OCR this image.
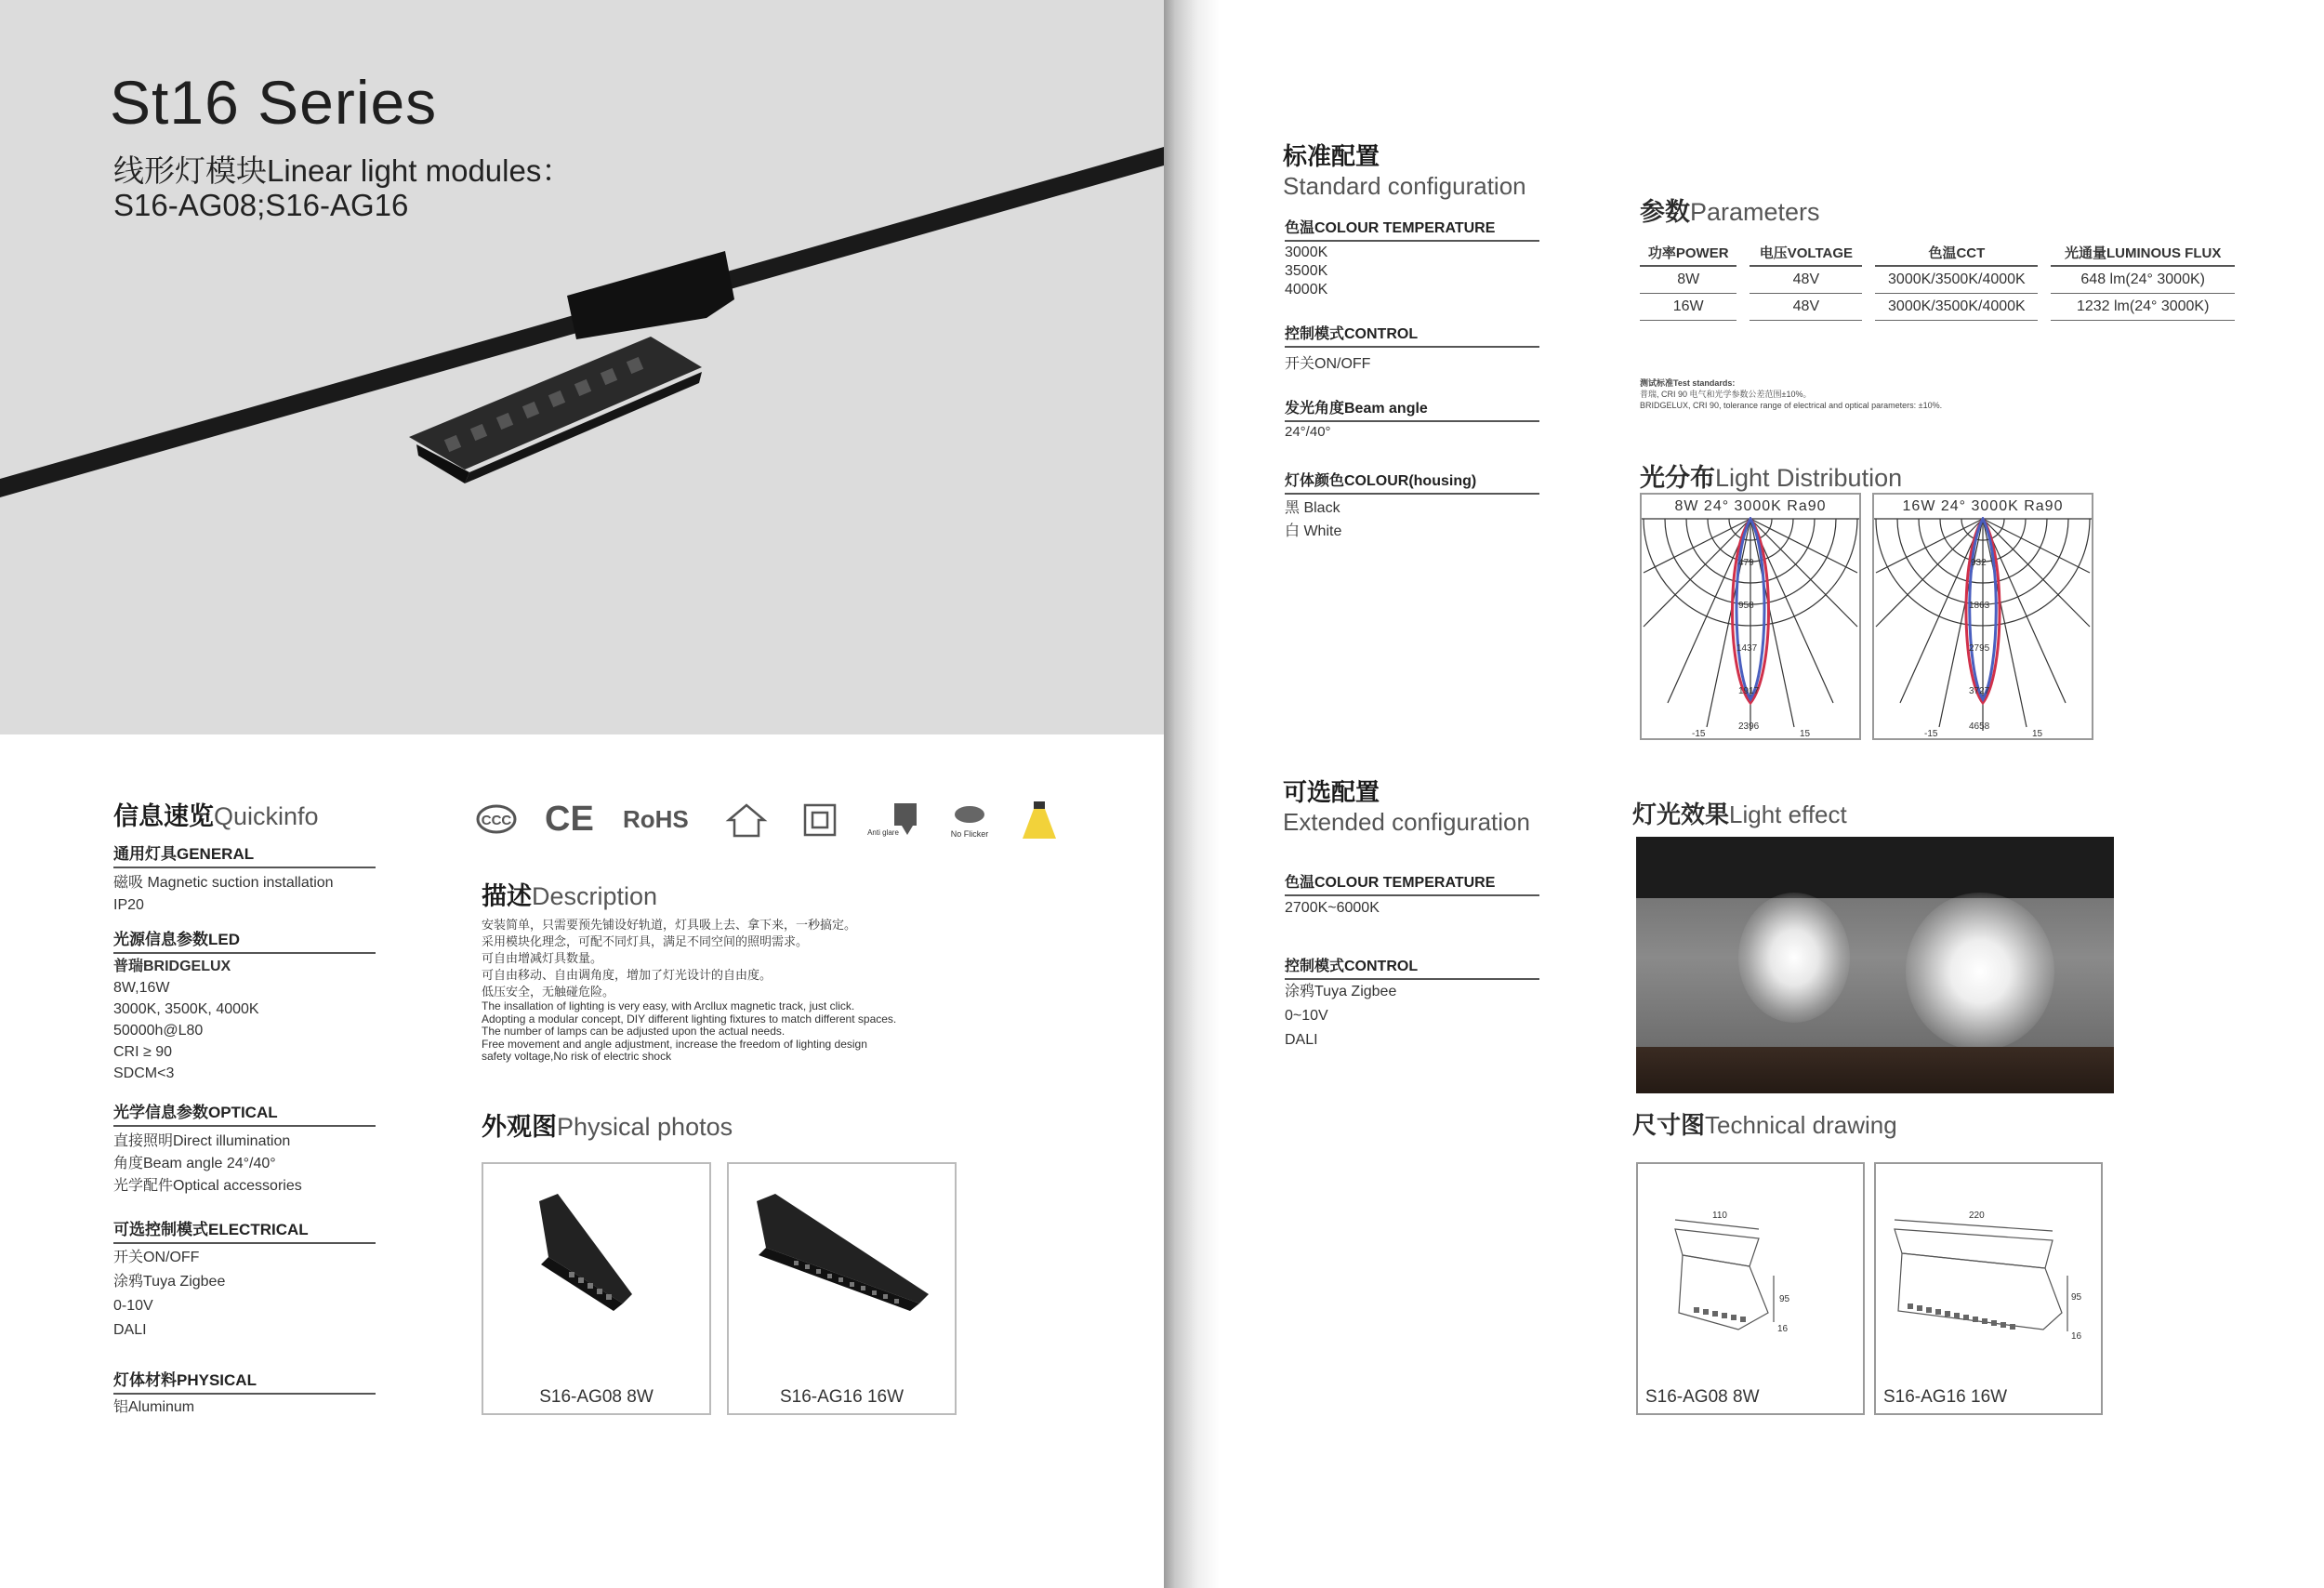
St16 Series
线形灯模块Linear light modules：
S16-AG08;S16-AG16
信息速览Quickinfo
通用灯具GENERAL
磁吸 Magnetic suction installation
IP20
光源信息参数LED
普瑞BRIDGELUX
8W,16W
3000K, 3500K, 4000K
50000h@L80
CRI ≥ 90
SDCM<3
光学信息参数OPTICAL
直接照明Direct illumination
角度Beam angle 24°/40°
光学配件Optical accessories
可选控制模式ELECTRICAL
开关ON/OFF
涂鸦Tuya Zigbee
0-10V
DALI
灯体材料PHYSICAL
铝Aluminum
CCC CE RoHS	Anti glare	No Flicker
描述Description
安装简单，只需要预先铺设好轨道，灯具吸上去、拿下来，一秒搞定。
采用模块化理念，可配不同灯具，满足不同空间的照明需求。
可自由增减灯具数量。
可自由移动、自由调角度，增加了灯光设计的自由度。
低压安全，无触碰危险。
The insallation of lighting is very easy, with Arcllux magnetic track, just click.
Adopting a modular concept, DIY different lighting fixtures to match different spaces.
The number of lamps can be adjusted upon the actual needs.
Free movement and angle adjustment, increase the freedom of lighting design
safety voltage,No risk of electric shock
外观图Physical photos
S16-AG08 8W	S16-AG16 16W
标准配置
Standard configuration
色温COLOUR TEMPERATURE
3000K
3500K
4000K
控制模式CONTROL
开关ON/OFF
发光角度Beam angle
24°/40°
灯体颜色COLOUR(housing)
黑 Black
白 White
参数Parameters
功率POWER	电压VOLTAGE	色温CCT	光通量LUMINOUS FLUX
8W	48V	3000K/3500K/4000K	648 lm(24° 3000K)
16W	48V	3000K/3500K/4000K	1232 lm(24° 3000K)
测试标准Test standards:
普瑞, CRI 90 电气和光学参数公差范围±10%。
BRIDGELUX, CRI 90, tolerance range of electrical and optical parameters: ±10%.
光分布Light Distribution
8W 24° 3000K Ra90
479
958
1437
1917
2396
-15	15
16W 24° 3000K Ra90
932
1863
2795
3727
4658
-15	15
可选配置
Extended configuration
色温COLOUR TEMPERATURE
2700K~6000K
控制模式CONTROL
涂鸦Tuya Zigbee
0~10V
DALI
灯光效果Light effect
尺寸图Technical drawing
110
95
16
S16-AG08 8W
220
95
16
S16-AG16 16W
